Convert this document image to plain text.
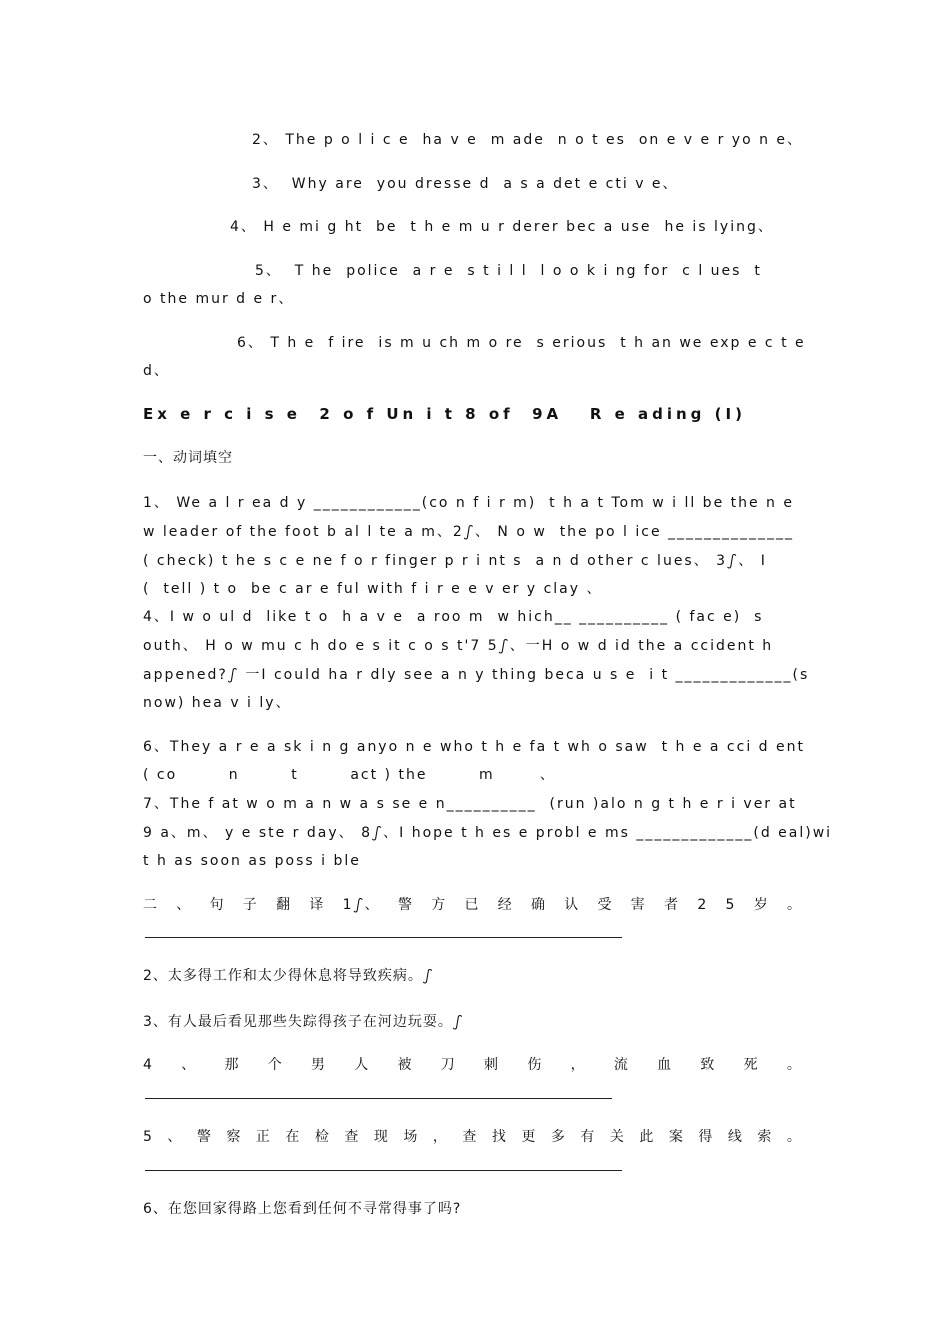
2、 The p o l i c e  ha v e  m ade  n o t es  on e v e r yo n e、
3、  Why are  you dresse d  a s a det e cti v e、
4、 H e mi g ht  be  t h e m u r derer bec a use  he is lying、
5、  T he  police  a r e  s t i l l  l o o k i ng for  c l ues  t
o the mur d e r、
6、 T h e  f ire  is m u ch m o re  s erious  t h an we exp e c t e
d、
Ex e r c i s e  2 o f Un i t 8 of  9A   R e ading (I)
一、动词填空
1、 We a l r ea d y ____________(co n f i r m)  t h a t Tom w i ll be the n e
w leader of the foot b al l te a m、2ഽ、 N o w  the po l ice ______________
( check) t he s c e ne f o r finger p r i nt s  a n d other c lues、 3ഽ、 I
(  tell ) t o  be c ar e ful with f i r e e v er y clay 、
4、I w o ul d  like t o  h a v e  a roo m  w hich__ __________ ( fac e)  s
outh、 H o w mu c h do e s it c o s t'7 5ഽ、一H o w d id the a ccident h
appened?ഽ 一I could ha r dly see a n y thing beca u s e  i t _____________(s
now) hea v i ly、
6、They a r e a sk i n g anyo n e who t h e fa t wh o saw  t h e a cci d ent
( co        n        t        act ) the        m       、
7、The f at w o m a n w a s se e n__________  (run )alo n g t h e r i ver at
9 a、m、 y e ste r day、 8ഽ、I hope t h es e probl e ms _____________(d eal)wi
t h as soon as poss i ble
二 、 句 子 翻 译 1ഽ、 警 方 已 经 确 认 受 害 者 2 5 岁 。
2、太多得工作和太少得休息将导致疾病。ഽ
3、有人最后看见那些失踪得孩子在河边玩耍。ഽ
4 、 那 个 男 人 被 刀 刺 伤 ， 流 血 致 死 。
5 、 警 察 正 在 检 查 现 场 ， 查 找 更 多 有 关 此 案 得 线 索 。
6、在您回家得路上您看到任何不寻常得事了吗?
